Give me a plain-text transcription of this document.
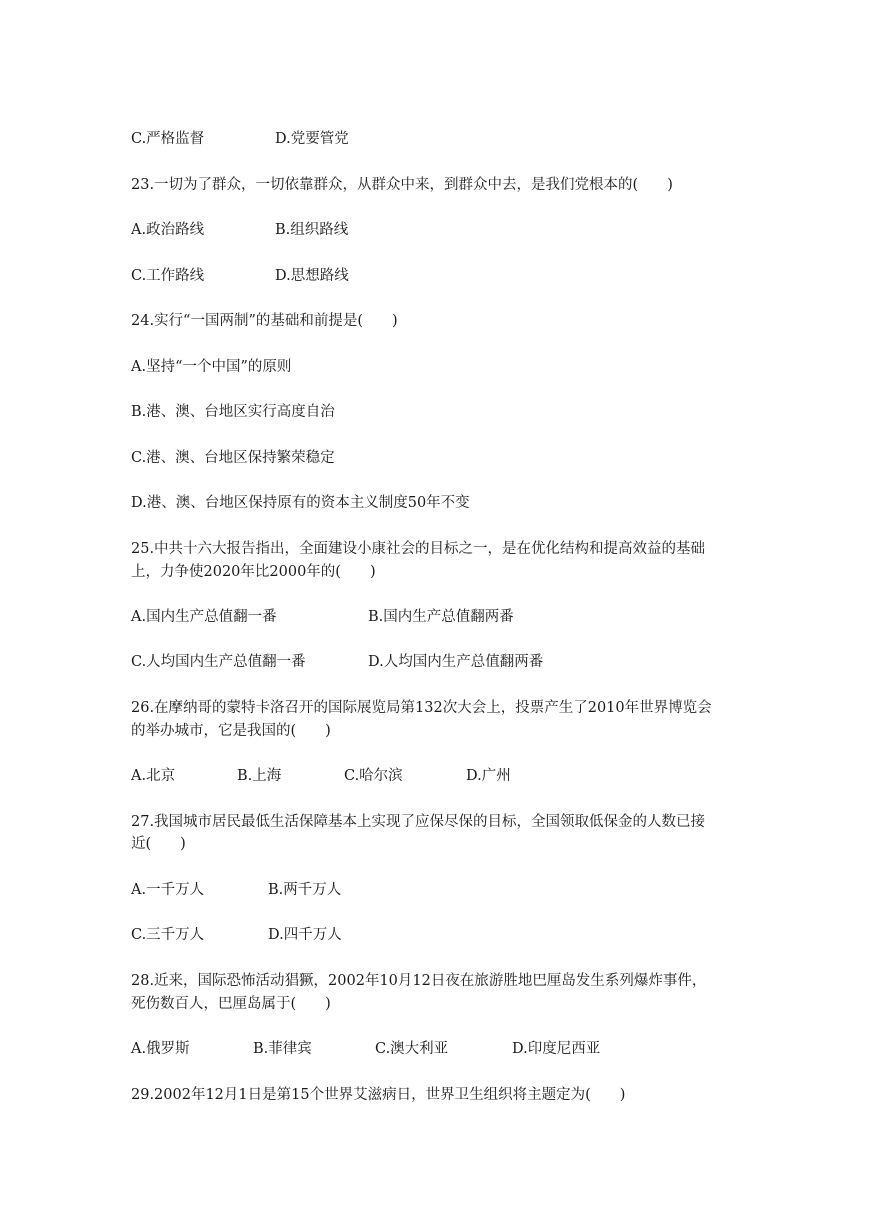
C.严格监督	D.党要管党
23.一切为了群众，一切依靠群众，从群众中来，到群众中去，是我们党根本的(　　)
A.政治路线	B.组织路线
C.工作路线	D.思想路线
24.实行“一国两制”的基础和前提是(　　)
A.坚持“一个中国”的原则
B.港、澳、台地区实行高度自治
C.港、澳、台地区保持繁荣稳定
D.港、澳、台地区保持原有的资本主义制度50年不变
25.中共十六大报告指出，全面建设小康社会的目标之一，是在优化结构和提高效益的基础
上，力争使2020年比2000年的(　　)
A.国内生产总值翻一番	B.国内生产总值翻两番
C.人均国内生产总值翻一番	D.人均国内生产总值翻两番
26.在摩纳哥的蒙特卡洛召开的国际展览局第132次大会上，投票产生了2010年世界博览会
的举办城市，它是我国的(　　)
A.北京	B.上海	C.哈尔滨	D.广州
27.我国城市居民最低生活保障基本上实现了应保尽保的目标，全国领取低保金的人数已接
近(　　)
A.一千万人	B.两千万人
C.三千万人	D.四千万人
28.近来，国际恐怖活动猖獗，2002年10月12日夜在旅游胜地巴厘岛发生系列爆炸事件，
死伤数百人，巴厘岛属于(　　)
A.俄罗斯	B.菲律宾	C.澳大利亚	D.印度尼西亚
29.2002年12月1日是第15个世界艾滋病日，世界卫生组织将主题定为(　　)
